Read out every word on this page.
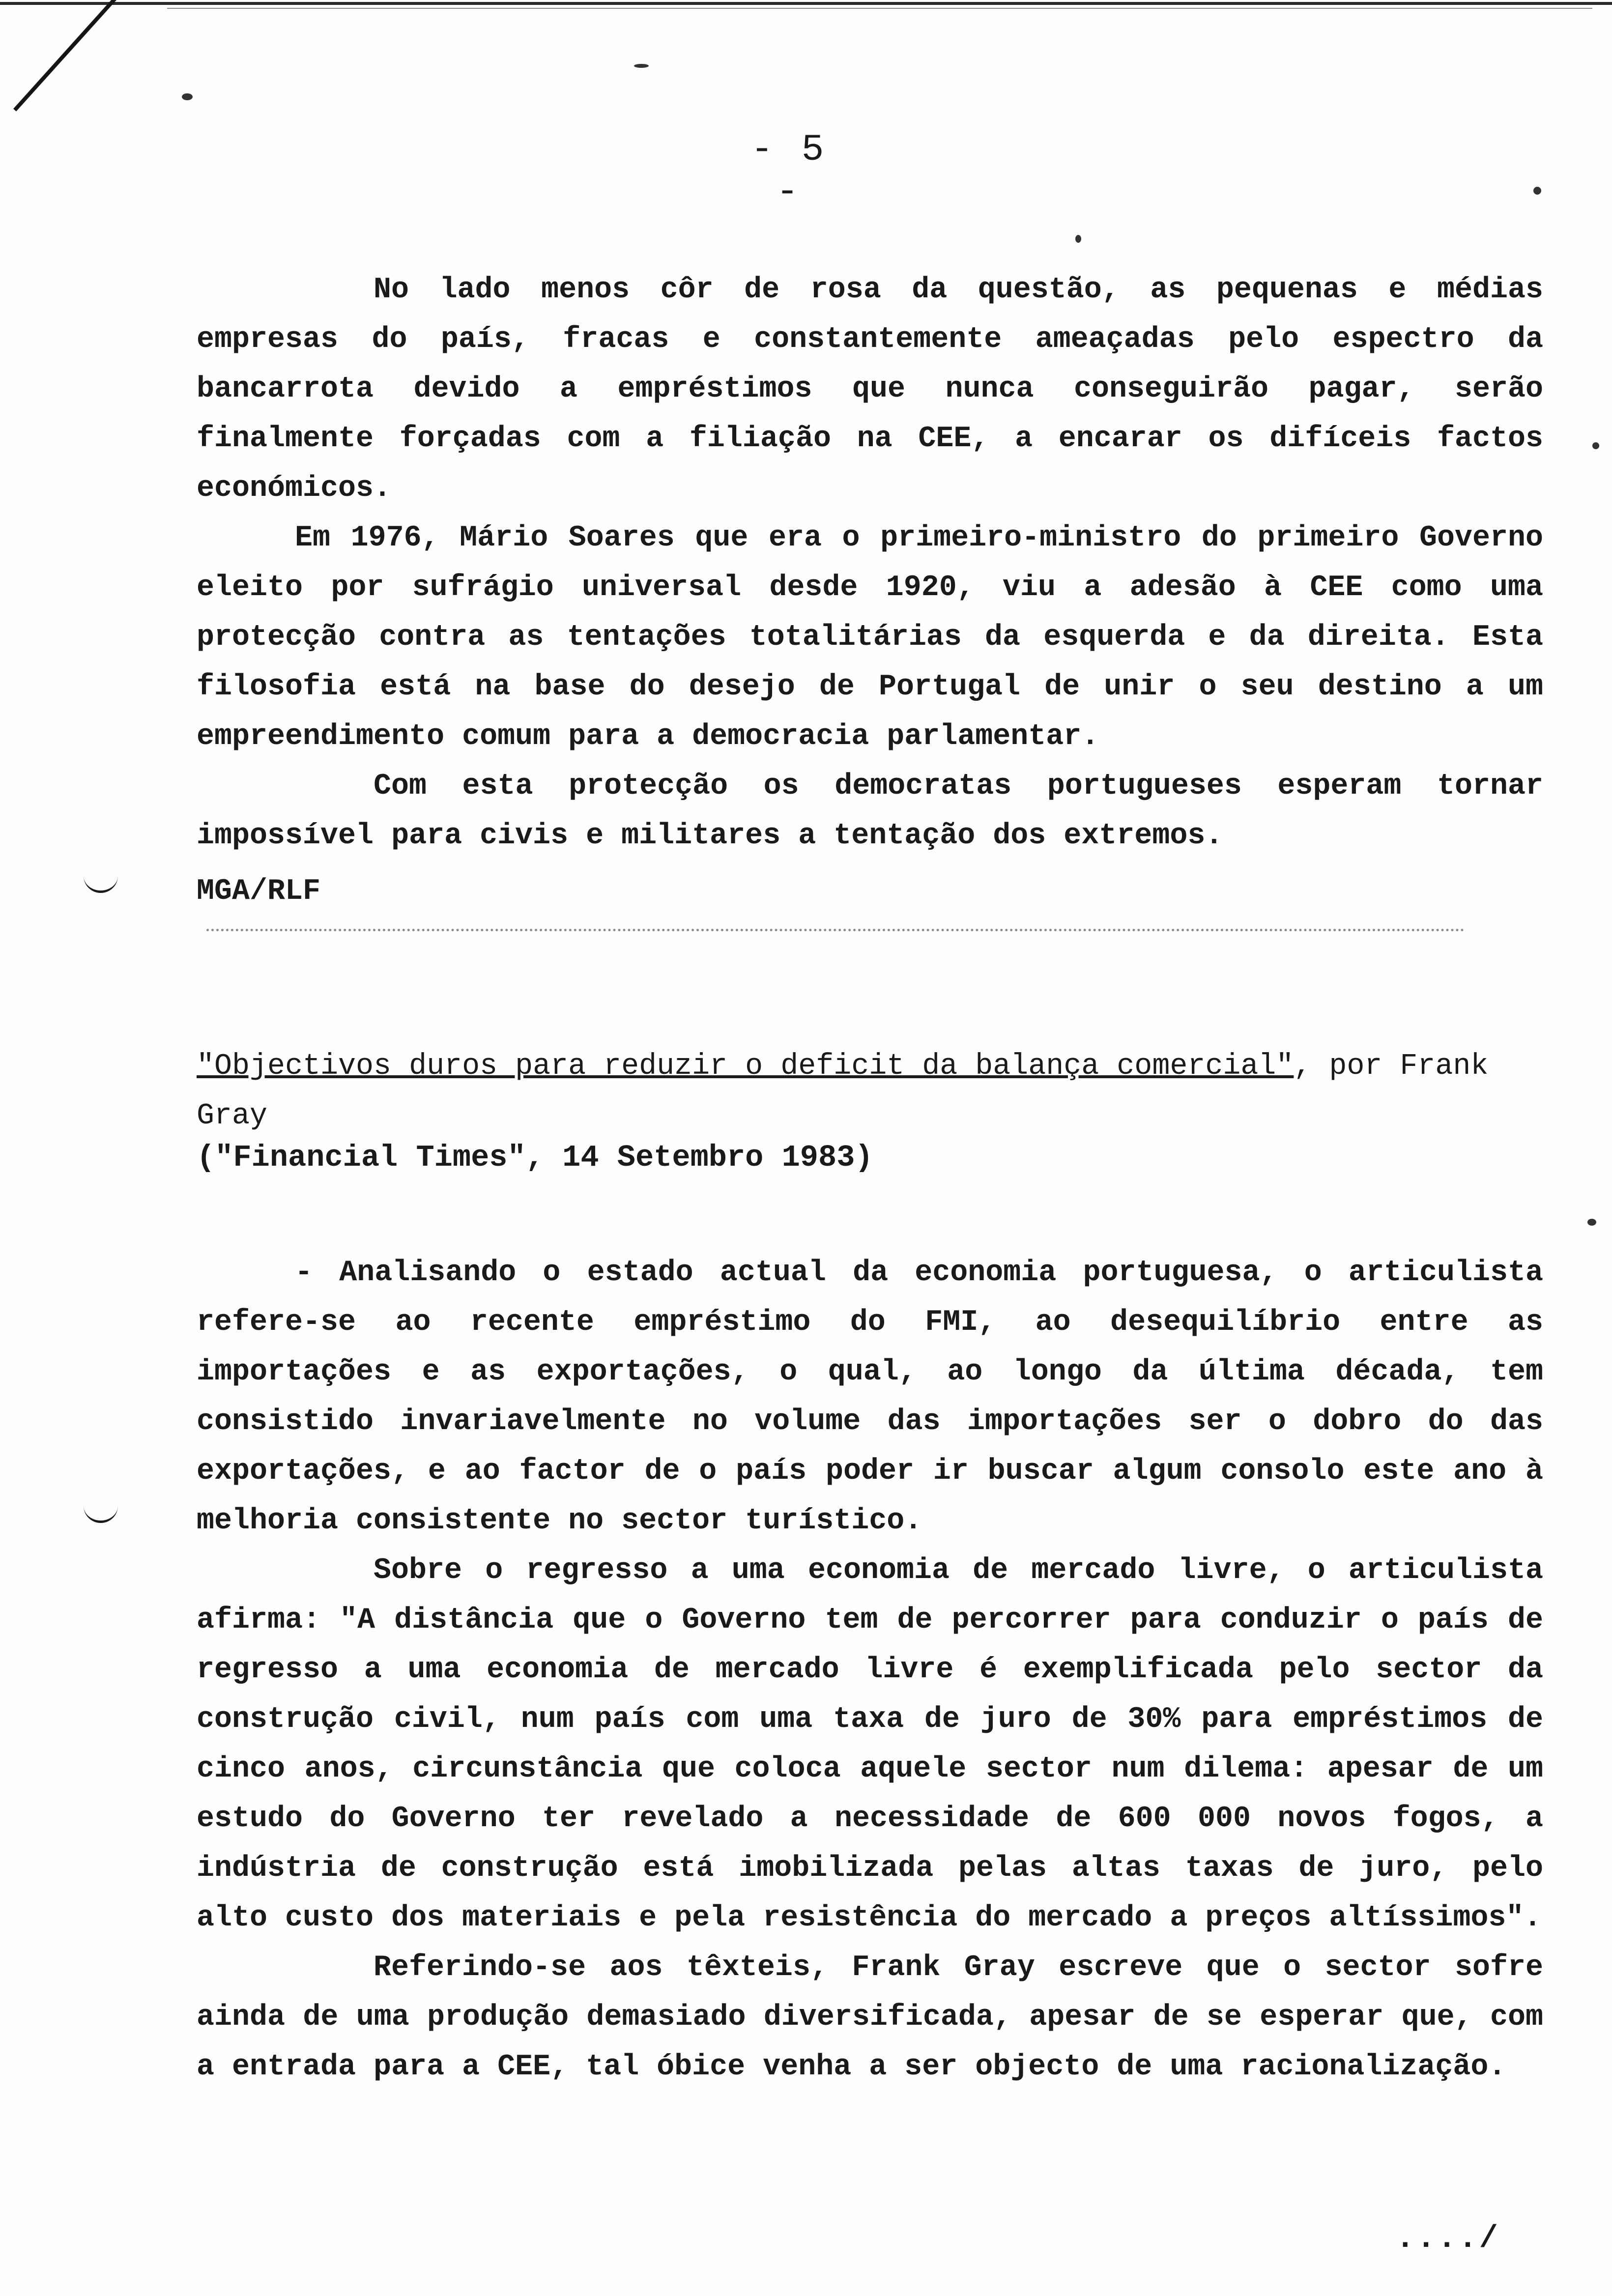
- 5 -

No lado menos côr de rosa da questão, as pequenas e médias empresas do país, fracas e constantemente ameaçadas pelo espectro da bancarrota devido a empréstimos que nunca conseguirão pagar, serão finalmente forçadas com a filiação na CEE, a encarar os difíceis factos económicos.

Em 1976, Mário Soares que era o primeiro-ministro do primeiro Governo eleito por sufrágio universal desde 1920, viu a adesão à CEE como uma protecção contra as tentações totalitárias da esquerda e da direita. Esta filosofia está na base do desejo de Portugal de unir o seu destino a um empreendimento comum para a democracia parlamentar.

Com esta protecção os democratas portugueses esperam tornar impossível para civis e militares a tentação dos extremos.

MGA/RLF
"Objectivos duros para reduzir o deficit da balança comercial", por Frank Gray
("Financial Times", 14 Setembro 1983)

- Analisando o estado actual da economia portuguesa, o articulista refere-se ao recente empréstimo do FMI, ao desequilíbrio entre as importações e as exportações, o qual, ao longo da última década, tem consistido invariavelmente no volume das importações ser o dobro do das exportações, e ao factor de o país poder ir buscar algum consolo este ano à melhoria consistente no sector turístico.

Sobre o regresso a uma economia de mercado livre, o articulista afirma: "A distância que o Governo tem de percorrer para conduzir o país de regresso a uma economia de mercado livre é exemplificada pelo sector da construção civil, num país com uma taxa de juro de 30% para empréstimos de cinco anos, circunstância que coloca aquele sector num dilema: apesar de um estudo do Governo ter revelado a necessidade de 600 000 novos fogos, a indústria de construção está imobilizada pelas altas taxas de juro, pelo alto custo dos materiais e pela resistência do mercado a preços altíssimos".

Referindo-se aos têxteis, Frank Gray escreve que o sector sofre ainda de uma produção demasiado diversificada, apesar de se esperar que, com a entrada para a CEE, tal óbice venha a ser objecto de uma racionalização.

..../
